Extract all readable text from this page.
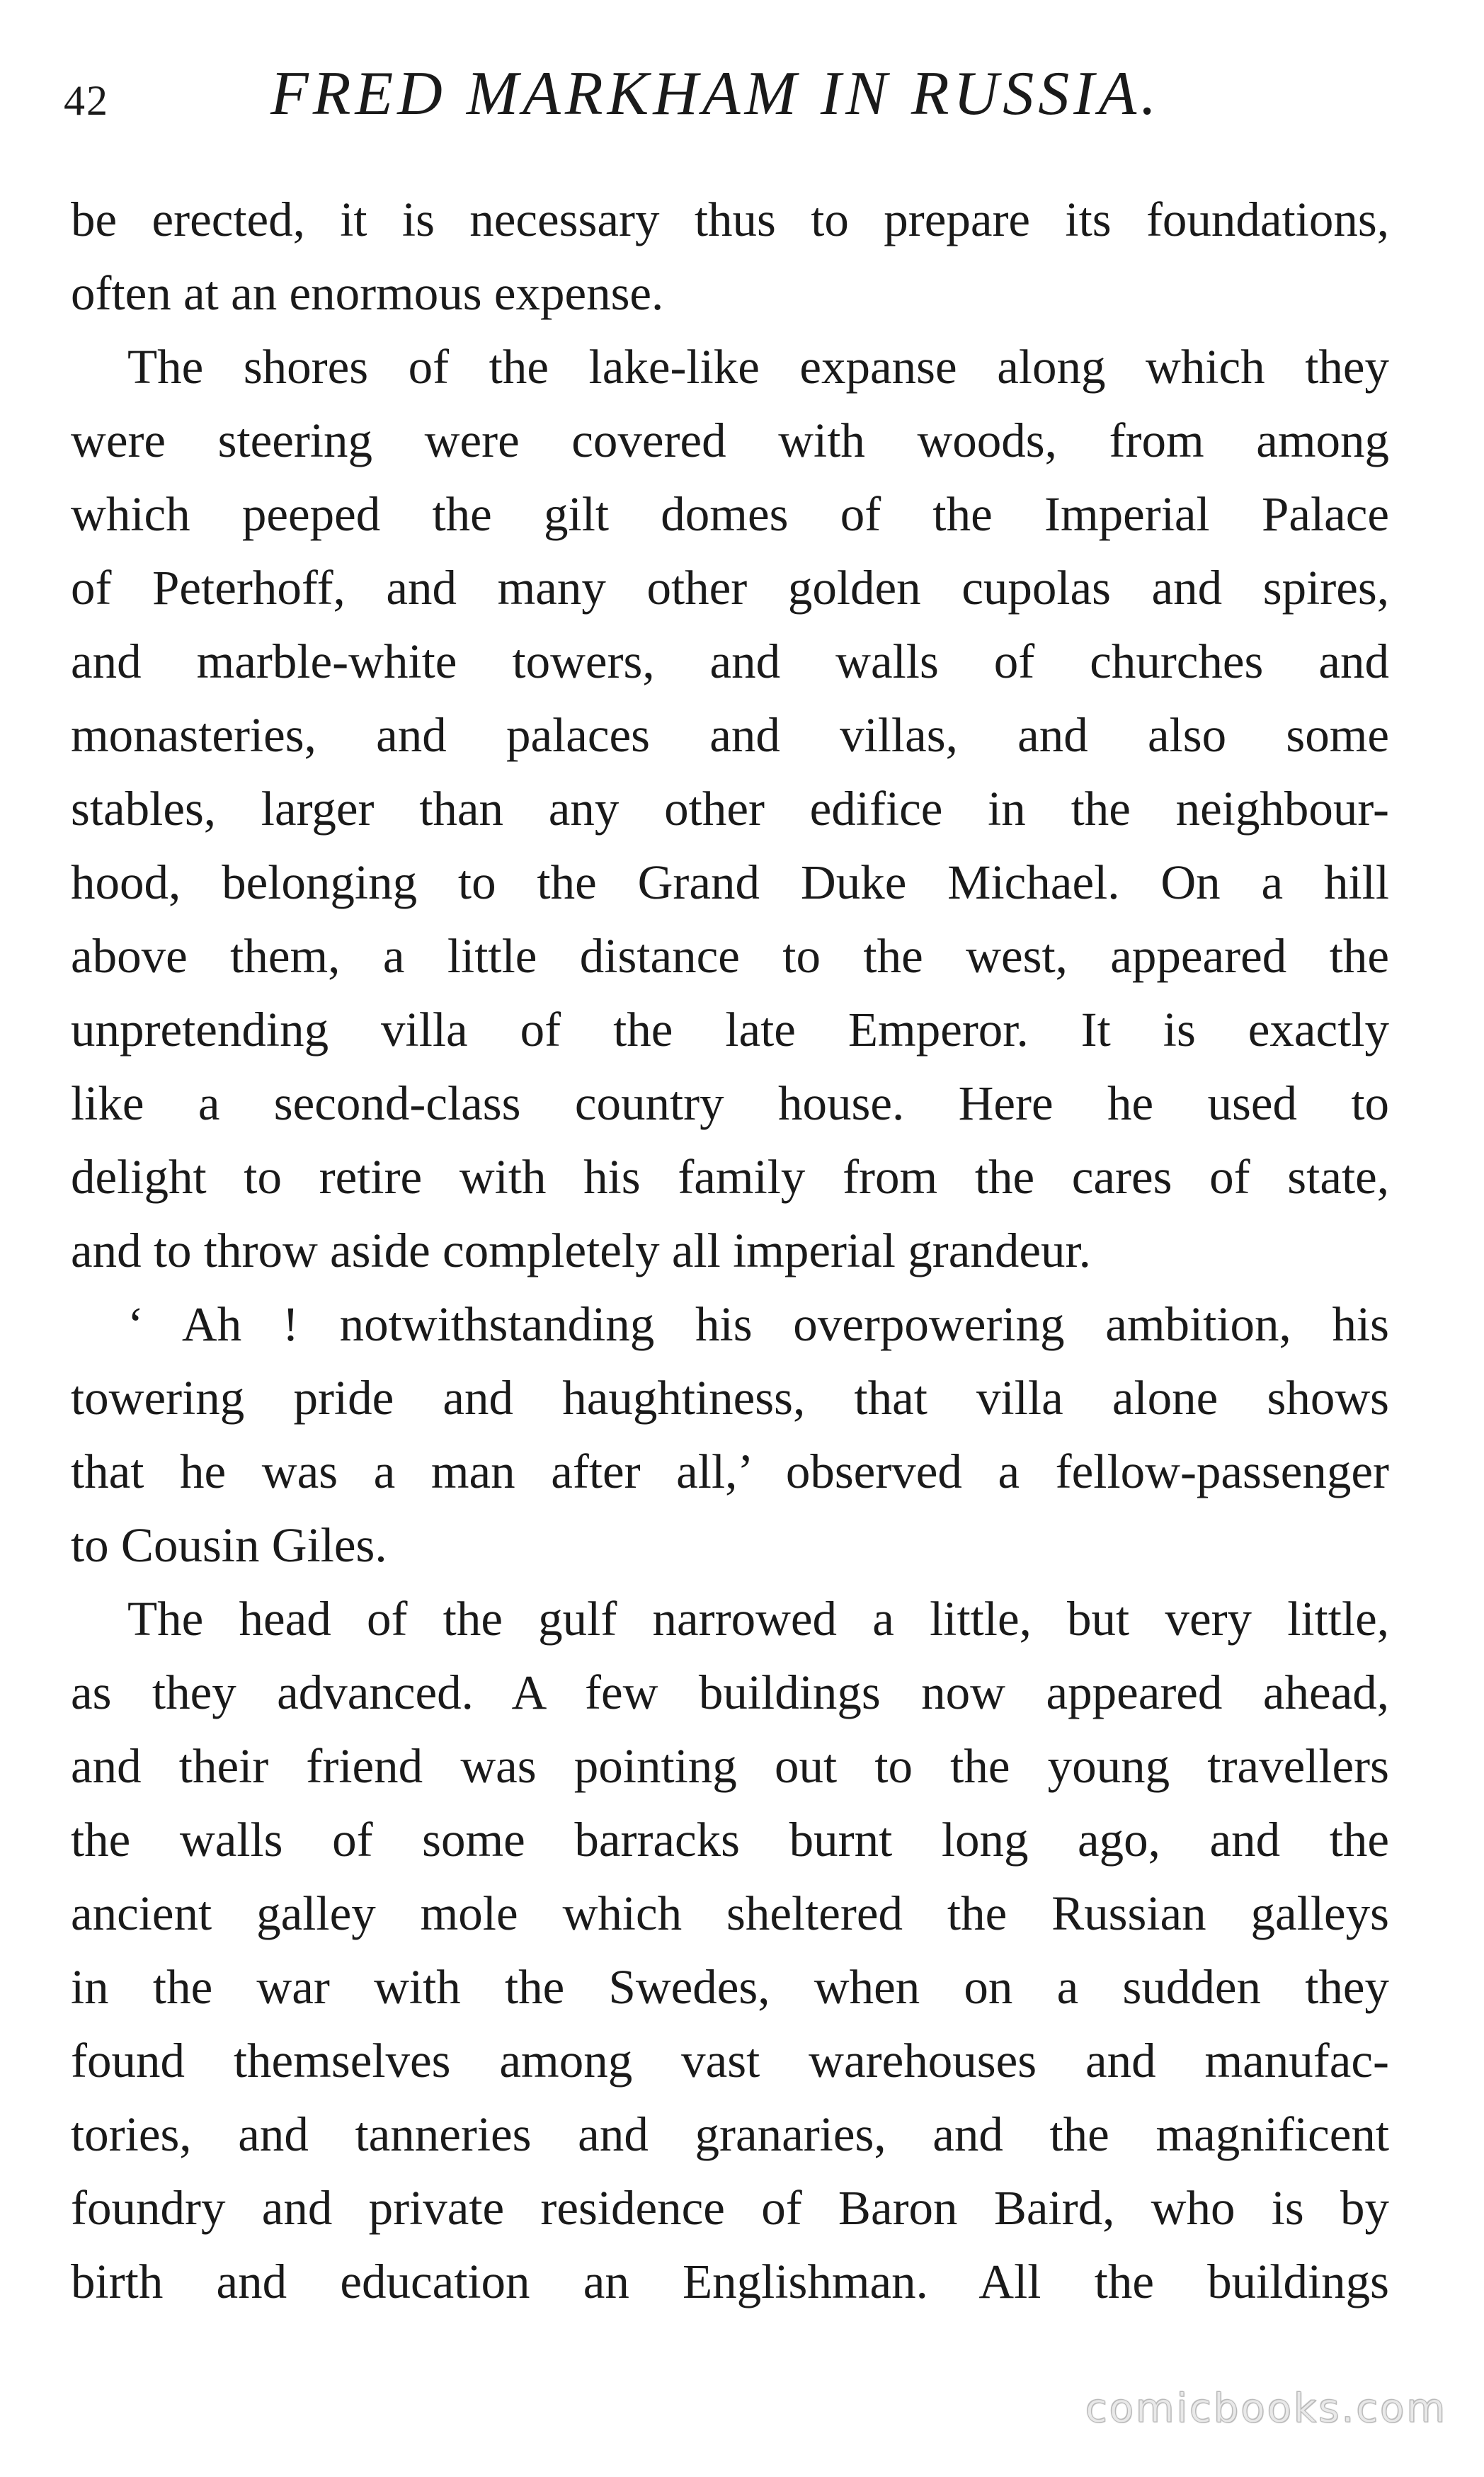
42	FRED MARKHAM IN RUSSIA.
be erected, it is necessary thus to prepare its foundations,
often at an enormous expense.
The shores of the lake-like expanse along which they
were steering were covered with woods, from among
which peeped the gilt domes of the Imperial Palace
of Peterhoff, and many other golden cupolas and spires,
and marble-white towers, and walls of churches and
monasteries, and palaces and villas, and also some
stables, larger than any other edifice in the neighbour-
hood, belonging to the Grand Duke Michael. On a hill
above them, a little distance to the west, appeared the
unpretending villa of the late Emperor. It is exactly
like a second-class country house. Here he used to
delight to retire with his family from the cares of state,
and to throw aside completely all imperial grandeur.
‘ Ah ! notwithstanding his overpowering ambition, his
towering pride and haughtiness, that villa alone shows
that he was a man after all,’ observed a fellow-passenger
to Cousin Giles.
The head of the gulf narrowed a little, but very little,
as they advanced. A few buildings now appeared ahead,
and their friend was pointing out to the young travellers
the walls of some barracks burnt long ago, and the
ancient galley mole which sheltered the Russian galleys
in the war with the Swedes, when on a sudden they
found themselves among vast warehouses and manufac-
tories, and tanneries and granaries, and the magnificent
foundry and private residence of Baron Baird, who is by
birth and education an Englishman. All the buildings
comicbooks.com
